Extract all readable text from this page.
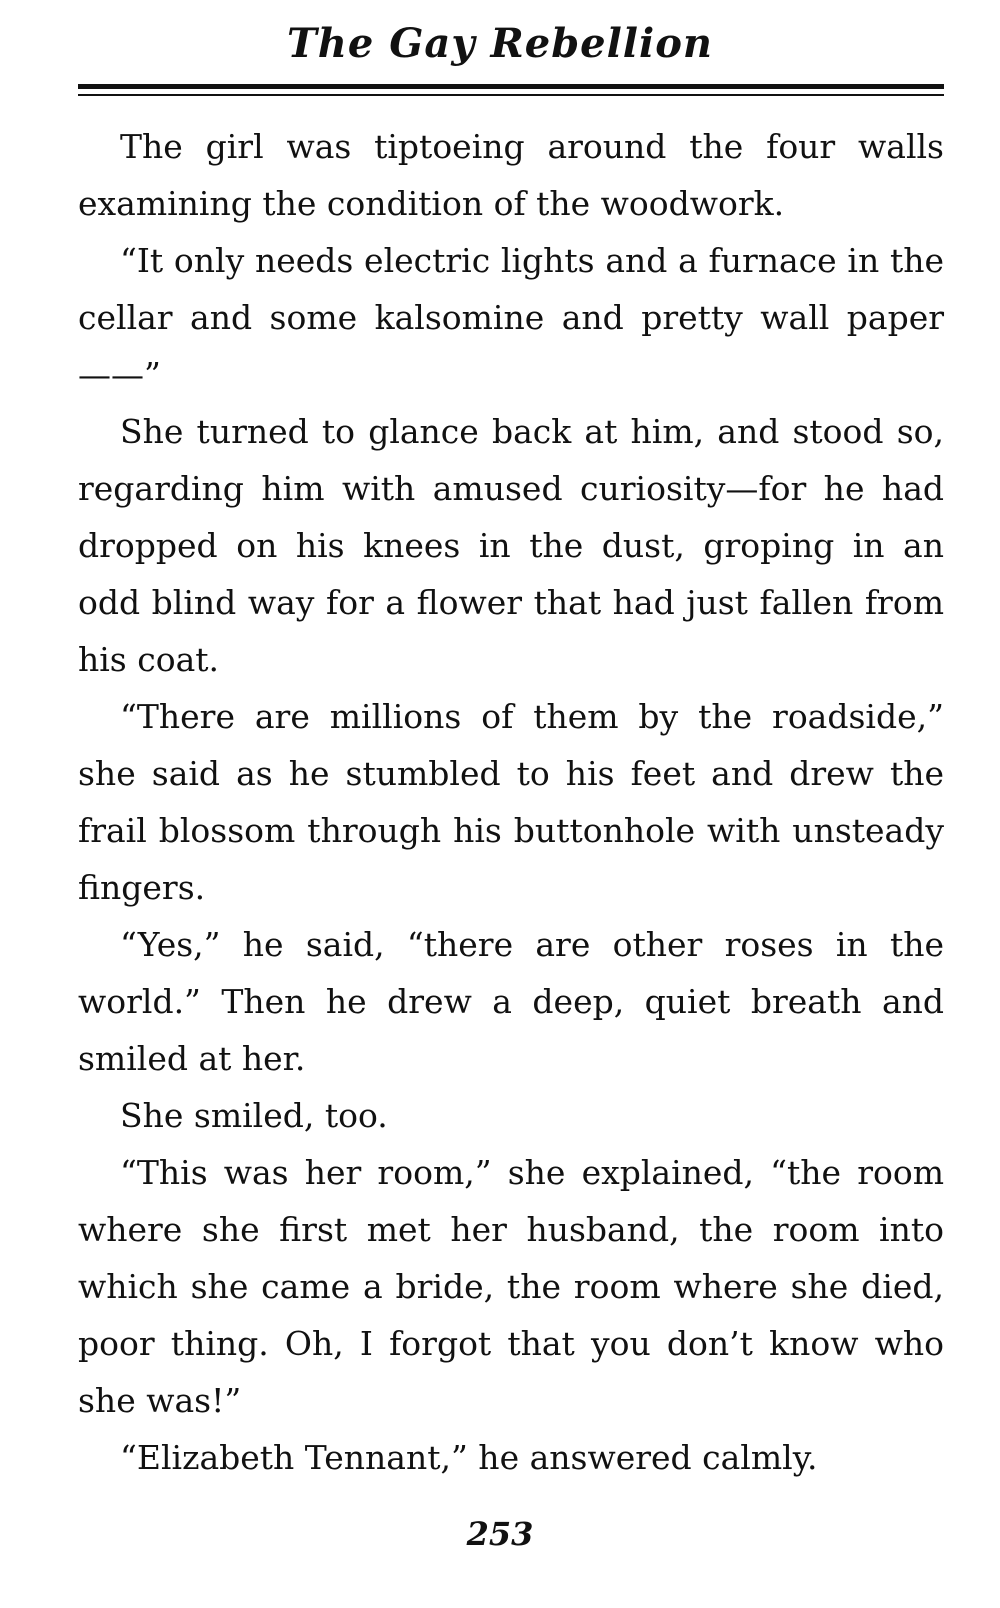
The Gay Rebellion

The girl was tiptoeing around the four walls examining the condition of the woodwork.

“It only needs electric lights and a furnace in the cellar and some kalsomine and pretty wall paper——”

She turned to glance back at him, and stood so, regarding him with amused curiosity—for he had dropped on his knees in the dust, groping in an odd blind way for a flower that had just fallen from his coat.

“There are millions of them by the roadside,” she said as he stumbled to his feet and drew the frail blossom through his buttonhole with unsteady fingers.

“Yes,” he said, “there are other roses in the world.” Then he drew a deep, quiet breath and smiled at her.

She smiled, too.

“This was her room,” she explained, “the room where she first met her husband, the room into which she came a bride, the room where she died, poor thing. Oh, I forgot that you don’t know who she was!”

“Elizabeth Tennant,” he answered calmly.

253
